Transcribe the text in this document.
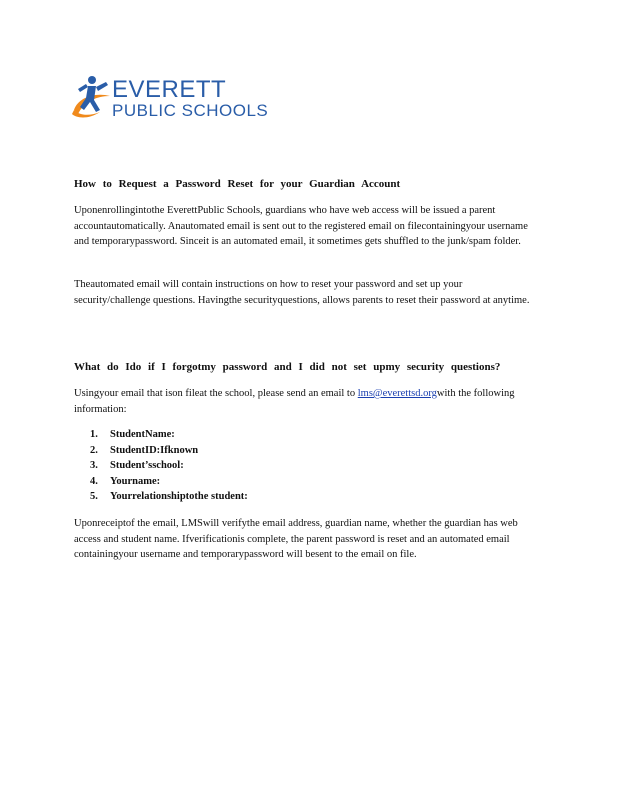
EVERETT
PUBLIC SCHOOLS
How to Request a Password Reset for your Guardian Account

Uponenrollingintothe EverettPublic Schools, guardians who have web access will be issued a parent accountautomatically. Anautomated email is sent out to the registered email on filecontainingyour username and temporarypassword. Sinceit is an automated email, it sometimes gets shuffled to the junk/spam folder.

Theautomated email will contain instructions on how to reset your password and set up your security/challenge questions. Havingthe securityquestions, allows parents to reset their password at anytime.

What do Ido if I forgotmy password and I did not set upmy security questions?

Usingyour email that ison fileat the school, please send an email to lms@everettsd.orgwith the following information:

1. StudentName:
2. StudentID:Ifknown
3. Student’sschool:
4. Yourname:
5. Yourrelationshiptothe student:

Uponreceiptof the email, LMSwill verifythe email address, guardian name, whether the guardian has web access and student name. Ifverificationis complete, the parent password is reset and an automated email containingyour username and temporarypassword will besent to the email on file.
